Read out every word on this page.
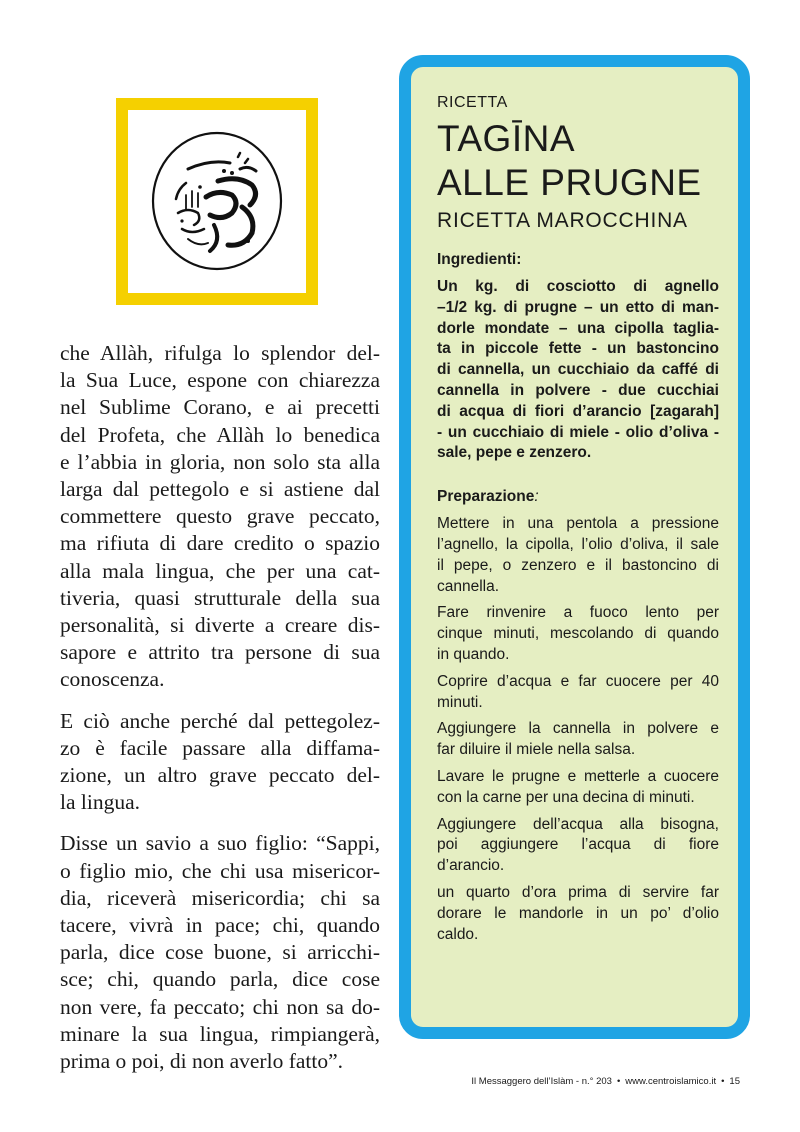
che Allàh, rifulga lo splendor del-
la Sua Luce, espone con chiarezza
nel Sublime Corano, e ai precetti
del Profeta, che Allàh lo benedica
e l’abbia in gloria, non solo sta alla
larga dal pettegolo e si astiene dal
commettere questo grave peccato,
ma rifiuta di dare credito o spazio
alla mala lingua, che per una cat-
tiveria, quasi strutturale della sua
personalità, si diverte a creare dis-
sapore e attrito tra persone di sua
conoscenza.

E ciò anche perché dal pettegolez-
zo è facile passare alla diffama-
zione, un altro grave peccato del-
la lingua.

Disse un savio a suo figlio: “Sappi,
o figlio mio, che chi usa misericor-
dia, riceverà misericordia; chi sa
tacere, vivrà in pace; chi, quando
parla, dice cose buone, si arricchi-
sce; chi, quando parla, dice cose
non vere, fa peccato; chi non sa do-
minare la sua lingua, rimpiangerà,
prima o poi, di non averlo fatto”.

RICETTA

TAGĪNA
ALLE PRUGNE
RICETTA MAROCCHINA
Ingredienti:
Un kg. di cosciotto di agnello
–1/2 kg. di prugne – un etto di man-
dorle mondate – una cipolla taglia-
ta in piccole fette - un bastoncino
di cannella, un cucchiaio da caffé di
cannella in polvere - due cucchiai
di acqua di fiori d’arancio [zagarah]
- un cucchiaio di miele - olio d’oliva -
sale, pepe e zenzero.
Preparazione:

Mettere in una pentola a pressione
l’agnello, la cipolla, l’olio d’oliva, il sale
il pepe, o zenzero e il bastoncino di
cannella.

Fare rinvenire a fuoco lento per
cinque minuti, mescolando di quando
in quando.

Coprire d’acqua e far cuocere per 40
minuti.

Aggiungere la cannella in polvere e
far diluire il miele nella salsa.

Lavare le prugne e metterle a cuocere
con la carne per una decina di minuti.

Aggiungere dell’acqua alla bisogna,
poi aggiungere l’acqua di fiore
d’arancio.

un quarto d’ora prima di servire far
dorare le mandorle in un po’ d’olio
caldo.

Il Messaggero dell’Islàm - n.° 203 • www.centroislamico.it • 15
